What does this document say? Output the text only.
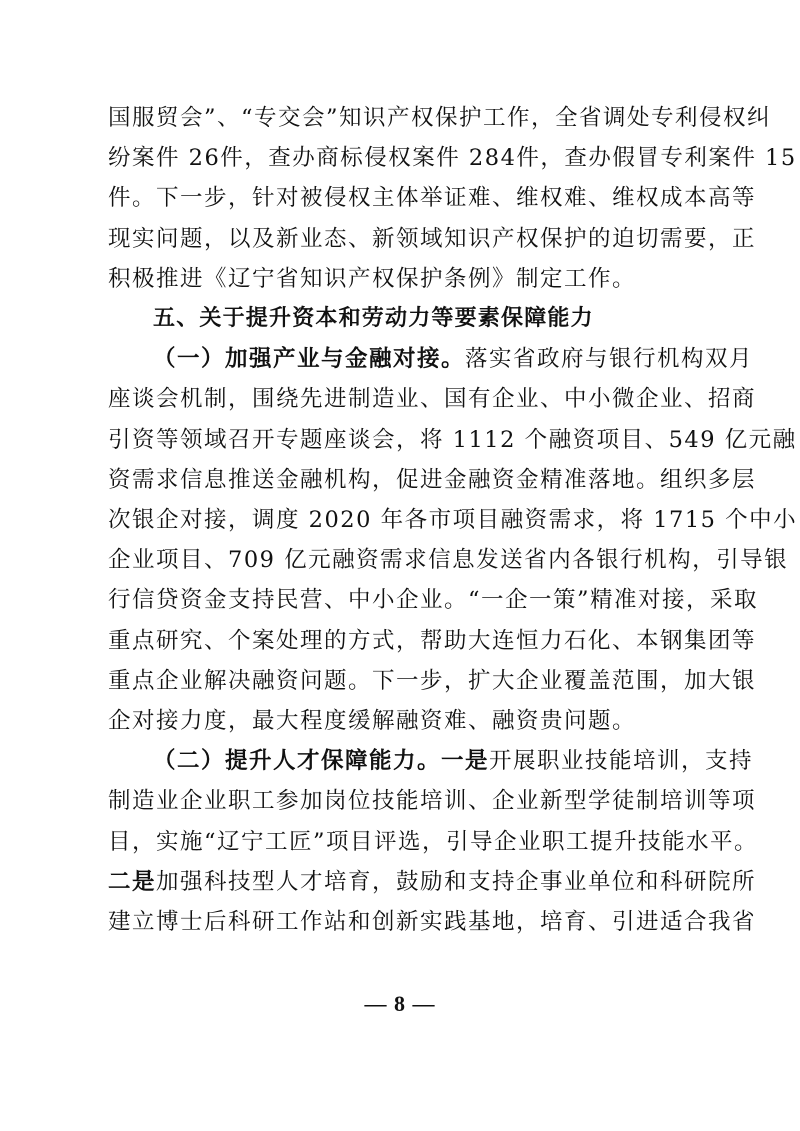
国服贸会”、“专交会”知识产权保护工作，全省调处专利侵权纠
纷案件 26件，查办商标侵权案件 284件，查办假冒专利案件 15
件。下一步，针对被侵权主体举证难、维权难、维权成本高等
现实问题，以及新业态、新领域知识产权保护的迫切需要，正
积极推进《辽宁省知识产权保护条例》制定工作。

五、关于提升资本和劳动力等要素保障能力

（一）加强产业与金融对接。落实省政府与银行机构双月
座谈会机制，围绕先进制造业、国有企业、中小微企业、招商
引资等领域召开专题座谈会，将 1112 个融资项目、549 亿元融
资需求信息推送金融机构，促进金融资金精准落地。组织多层
次银企对接，调度 2020 年各市项目融资需求，将 1715 个中小
企业项目、709 亿元融资需求信息发送省内各银行机构，引导银
行信贷资金支持民营、中小企业。“一企一策”精准对接，采取
重点研究、个案处理的方式，帮助大连恒力石化、本钢集团等
重点企业解决融资问题。下一步，扩大企业覆盖范围，加大银
企对接力度，最大程度缓解融资难、融资贵问题。

（二）提升人才保障能力。一是开展职业技能培训，支持
制造业企业职工参加岗位技能培训、企业新型学徒制培训等项
目，实施“辽宁工匠”项目评选，引导企业职工提升技能水平。
二是加强科技型人才培育，鼓励和支持企事业单位和科研院所
建立博士后科研工作站和创新实践基地，培育、引进适合我省

— 8 —
